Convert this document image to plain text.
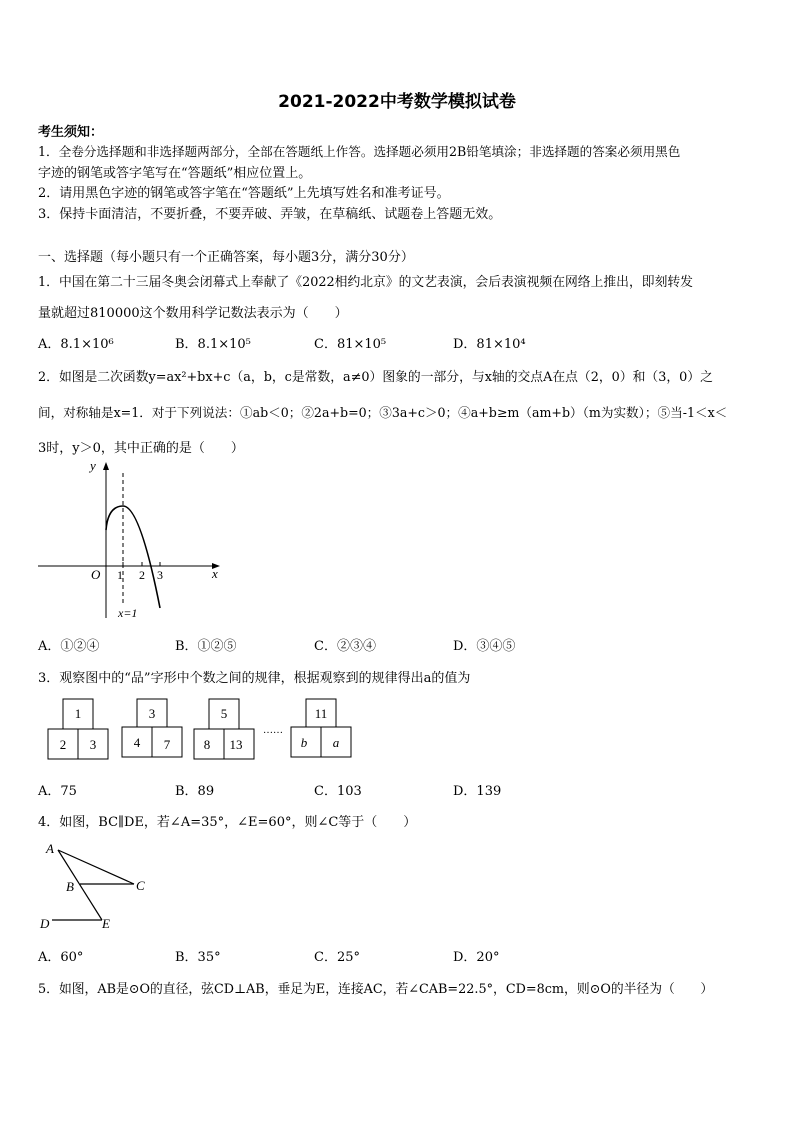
2021-2022中考数学模拟试卷
考生须知：
1．全卷分选择题和非选择题两部分，全部在答题纸上作答。选择题必须用2B铅笔填涂；非选择题的答案必须用黑色
字迹的钢笔或答字笔写在“答题纸”相应位置上。
2．请用黑色字迹的钢笔或答字笔在“答题纸”上先填写姓名和准考证号。
3．保持卡面清洁，不要折叠，不要弄破、弄皱，在草稿纸、试题卷上答题无效。
一、选择题（每小题只有一个正确答案，每小题3分，满分30分）
1．中国在第二十三届冬奥会闭幕式上奉献了《2022相约北京》的文艺表演，会后表演视频在网络上推出，即刻转发
量就超过810000这个数用科学记数法表示为（　　）
A．8.1×10⁶	B．8.1×10⁵	C．81×10⁵	D．81×10⁴
2．如图是二次函数y=ax²+bx+c（a，b，c是常数，a≠0）图象的一部分，与x轴的交点A在点（2，0）和（3，0）之
间，对称轴是x=1．对于下列说法：①ab＜0；②2a+b=0；③3a+c＞0；④a+b≥m（am+b）（m为实数）；⑤当-1＜x＜
3时，y＞0，其中正确的是（　　）
y
x
O 1 2 3
x=1
A．①②④	B．①②⑤	C．②③④	D．③④⑤
3．观察图中的“品”字形中个数之间的规律，根据观察到的规律得出a的值为
1
2 3
3
4 7
5
8 13
11
b a
……
A．75	B．89	C．103	D．139
4．如图，BC∥DE，若∠A=35°，∠E=60°，则∠C等于（　　）
A
B	C
D	E
A．60°	B．35°	C．25°	D．20°
5．如图，AB是⊙O的直径，弦CD⊥AB，垂足为E，连接AC，若∠CAB=22.5°，CD=8cm，则⊙O的半径为（　　）
